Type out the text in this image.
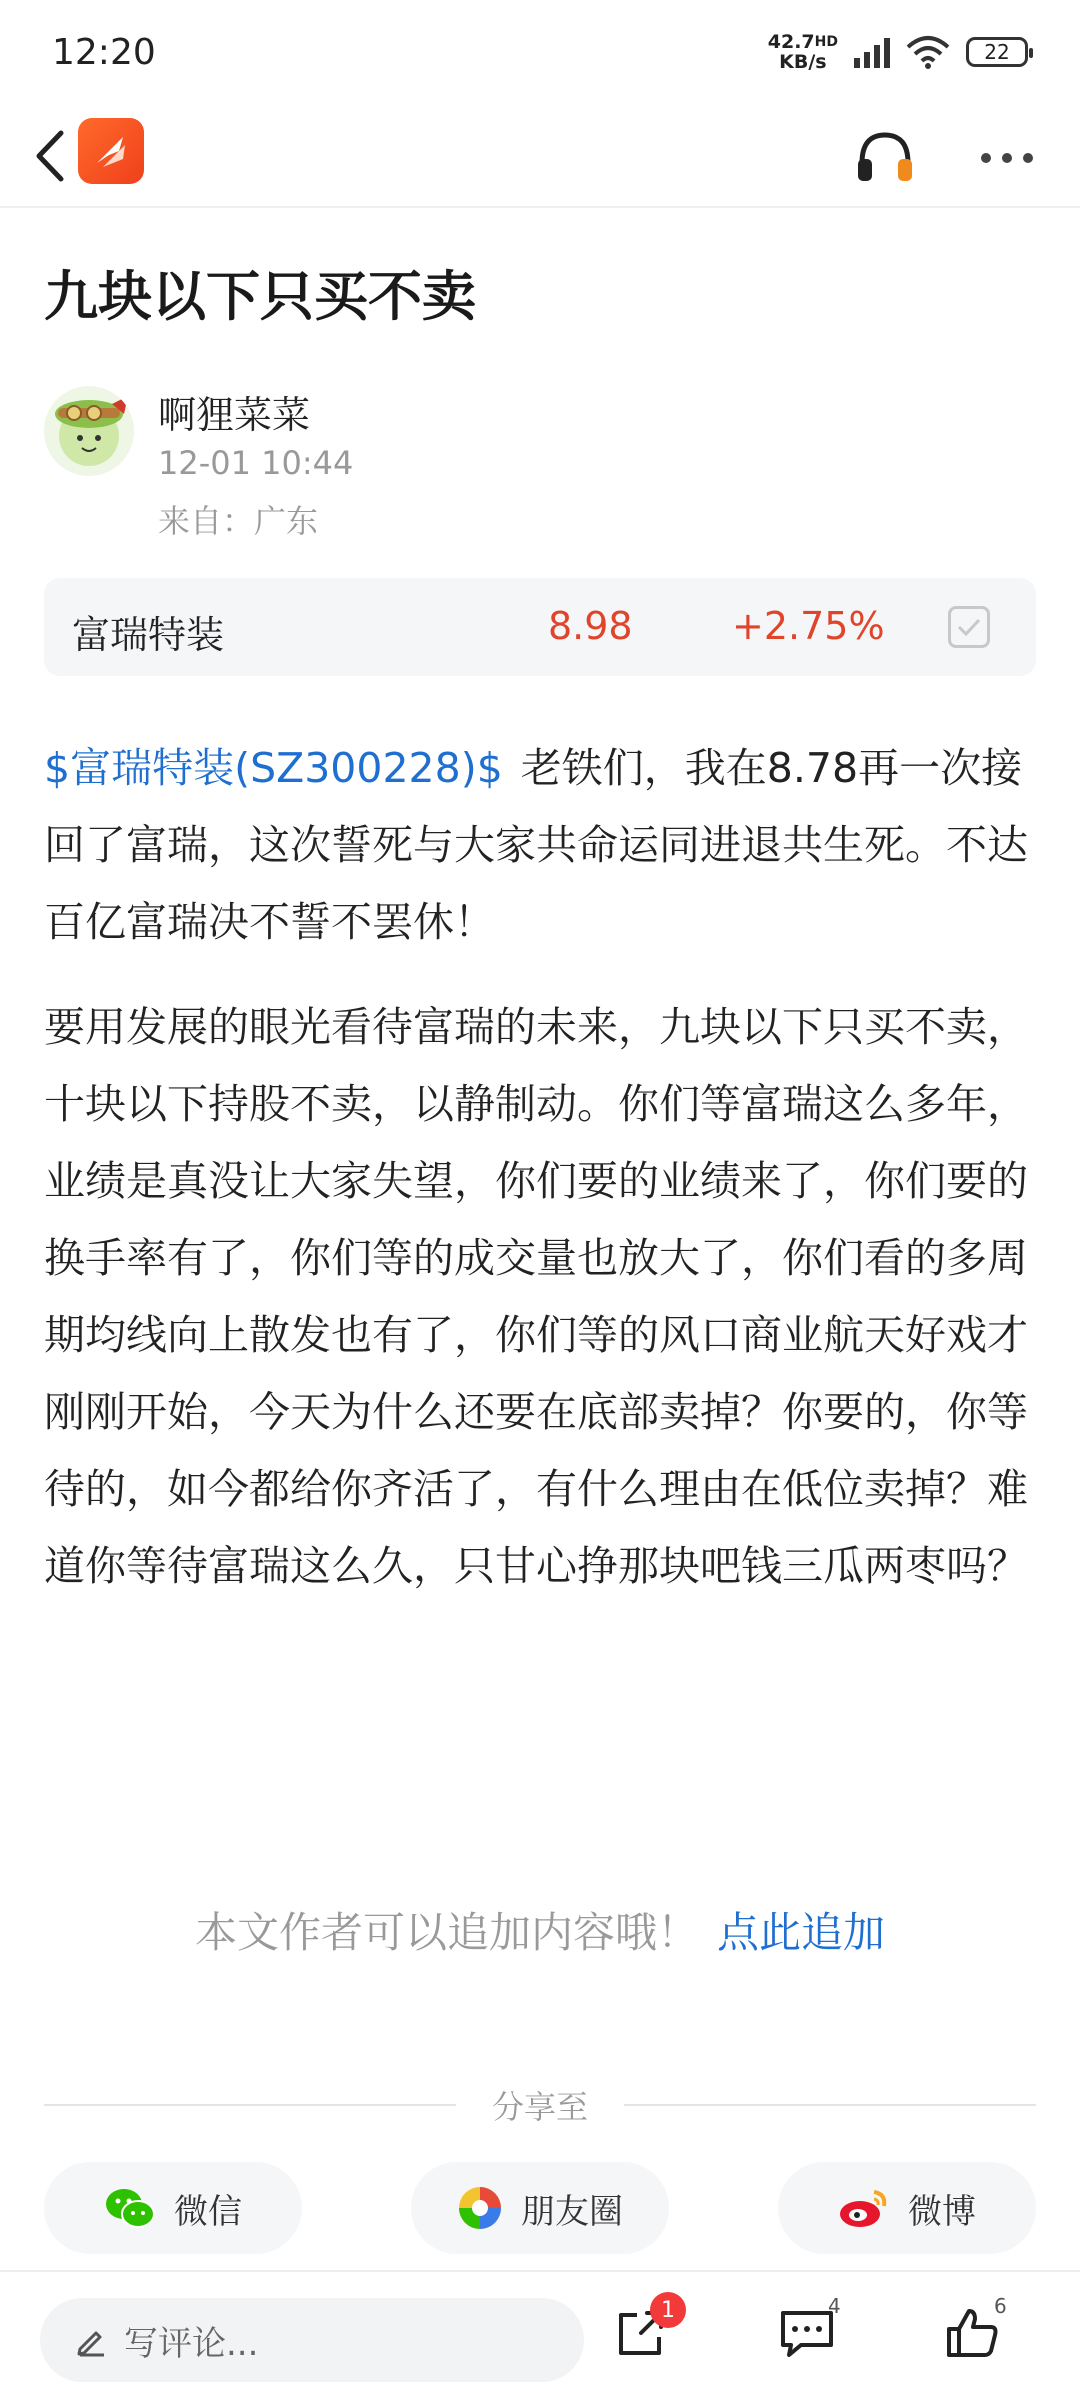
12:20	$42.7^{HD}$
KB/s	22
九块以下只买不卖
啊狸菜菜
12-01 10:44
来自：广东
富瑞特装	8.98	+2.75%

$富瑞特装(SZ300228)$ 老铁们，我在8.78再一次接回了富瑞，这次誓死与大家共命运同进退共生死。不达百亿富瑞决不誓不罢休！

要用发展的眼光看待富瑞的未来，九块以下只买不卖，十块以下持股不卖，以静制动。你们等富瑞这么多年，业绩是真没让大家失望，你们要的业绩来了，你们要的换手率有了，你们等的成交量也放大了，你们看的多周期均线向上散发也有了，你们等的风口商业航天好戏才刚刚开始，今天为什么还要在底部卖掉？你要的，你等待的，如今都给你齐活了，有什么理由在低位卖掉？难道你等待富瑞这么久，只甘心挣那块吧钱三瓜两枣吗？

本文作者可以追加内容哦！ 点此追加
分享至
微信	朋友圈	微博
写评论...
1	4	6
